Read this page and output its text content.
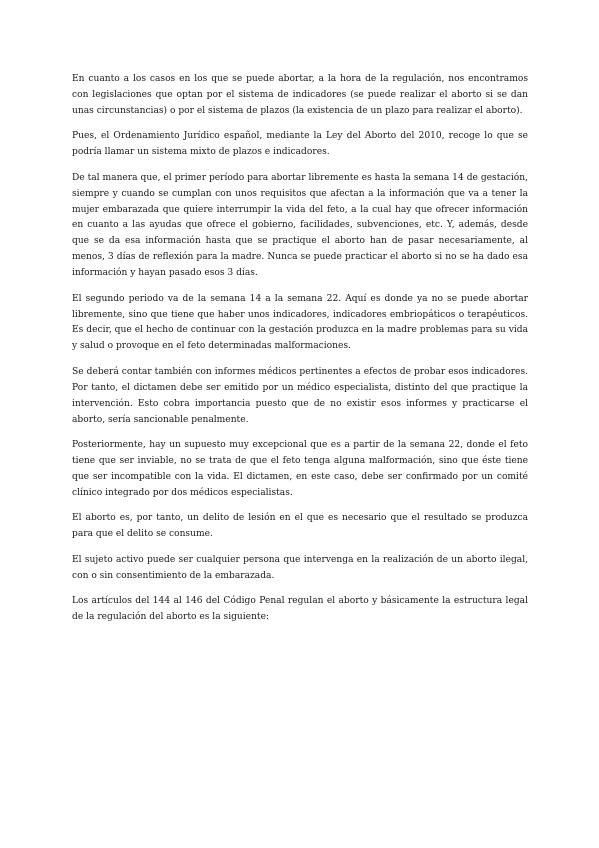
En cuanto a los casos en los que se puede abortar, a la hora de la regulación, nos encontramos con legislaciones que optan por el sistema de indicadores (se puede realizar el aborto si se dan unas circunstancias) o por el sistema de plazos (la existencia de un plazo para realizar el aborto).

Pues, el Ordenamiento Jurídico español, mediante la Ley del Aborto del 2010, recoge lo que se podría llamar un sistema mixto de plazos e indicadores.

De tal manera que, el primer período para abortar libremente es hasta la semana 14 de gestación, siempre y cuando se cumplan con unos requisitos que afectan a la información que va a tener la mujer embarazada que quiere interrumpir la vida del feto, a la cual hay que ofrecer información en cuanto a las ayudas que ofrece el gobierno, facilidades, subvenciones, etc. Y, además, desde que se da esa información hasta que se practique el aborto han de pasar necesariamente, al menos, 3 días de reflexión para la madre. Nunca se puede practicar el aborto si no se ha dado esa información y hayan pasado esos 3 días.

El segundo periodo va de la semana 14 a la semana 22. Aquí es donde ya no se puede abortar libremente, sino que tiene que haber unos indicadores, indicadores embriopáticos o terapéuticos. Es decir, que el hecho de continuar con la gestación produzca en la madre problemas para su vida y salud o provoque en el feto determinadas malformaciones.

Se deberá contar también con informes médicos pertinentes a efectos de probar esos indicadores. Por tanto, el dictamen debe ser emitido por un médico especialista, distinto del que practique la intervención. Esto cobra importancia puesto que de no existir esos informes y practicarse el aborto, sería sancionable penalmente.

Posteriormente, hay un supuesto muy excepcional que es a partir de la semana 22, donde el feto tiene que ser inviable, no se trata de que el feto tenga alguna malformación, sino que éste tiene que ser incompatible con la vida. El dictamen, en este caso, debe ser confirmado por un comité clínico integrado por dos médicos especialistas.

El aborto es, por tanto, un delito de lesión en el que es necesario que el resultado se produzca para que el delito se consume.

El sujeto activo puede ser cualquier persona que intervenga en la realización de un aborto ilegal, con o sin consentimiento de la embarazada.

Los artículos del 144 al 146 del Código Penal regulan el aborto y básicamente la estructura legal de la regulación del aborto es la siguiente:
